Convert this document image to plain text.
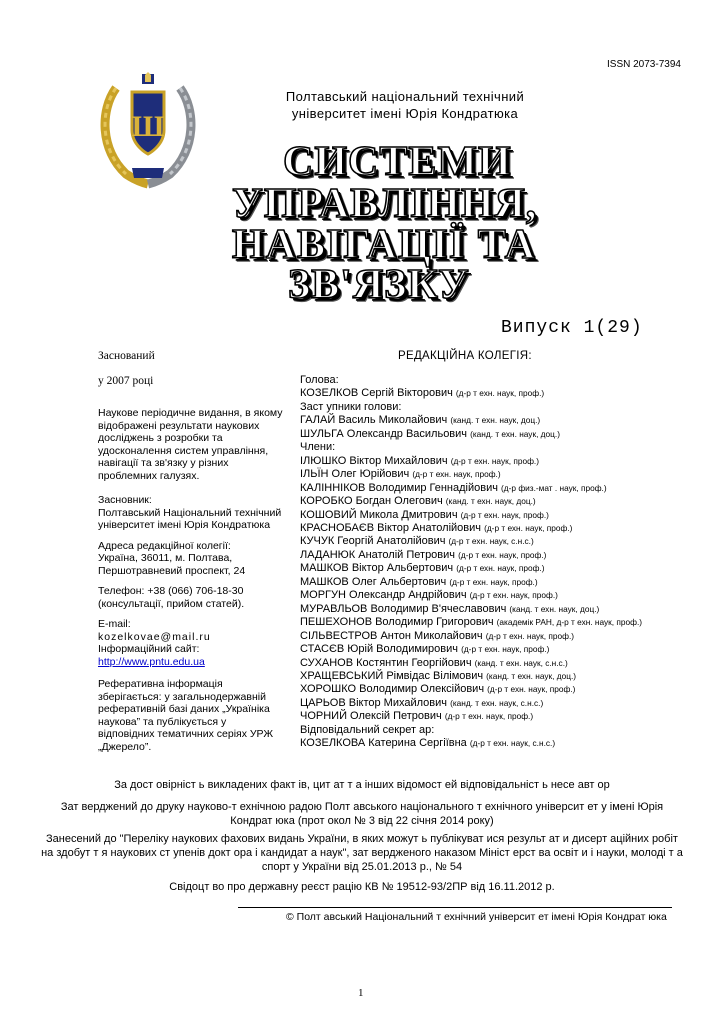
ISSN 2073-7394
Ш
Полтавський національний технічний
університет імені Юрія Кондратюка
СИСТЕМИ
УПРАВЛІННЯ,
НАВІГАЦІЇ ТА
ЗВ'ЯЗКУ
Випуск 1(29)

Заснований

у 2007 році

Наукове періодичне видання, в якому відображені результати наукових досліджень з розробки та удосконалення систем управління, навігації та зв'язку у різних проблемних галузях.

Засновник:

Полтавський Національний технічний університет імені Юрія Кондратюка

Адреса редакційної колегії:

Україна, 36011, м. Полтава, Першотравневий проспект, 24

Телефон: +38 (066) 706-18-30 (консультації, прийом статей).

E-mail:

kozelkovae@mail.ru

Інформаційний сайт:

http://www.pntu.edu.ua

Реферативна інформація зберігається: у загальнодержавній реферативній базі даних „Україніка наукова” та публікується у відповідних тематичних серіях УРЖ „Джерело”.

РЕДАКЦІЙНА КОЛЕГІЯ:
Голова:
КОЗЕЛКОВ Сергій Вікторович (д-р т ехн. наук, проф.)
Заст упники голови:
ГАЛАЙ Василь Миколайович (канд. т ехн. наук, доц.)
ШУЛЬГА Олександр Васильович (канд. т ехн. наук, доц.)
Члени:
ІЛЮШКО Віктор Михайлович (д-р т ехн. наук, проф.)
ІЛЬЇН Олег Юрійович (д-р т ехн. наук, проф.)
КАЛІННІКОВ Володимир Геннадійович (д-р физ.-мат . наук, проф.)
КОРОБКО Богдан Олегович (канд. т ехн. наук, доц.)
КОШОВИЙ Микола Дмитрович (д-р т ехн. наук, проф.)
КРАСНОБАЄВ Віктор Анатолійович (д-р т ехн. наук, проф.)
КУЧУК Георгій Анатолійович (д-р т ехн. наук, с.н.с.)
ЛАДАНЮК Анатолій Петрович (д-р т ехн. наук, проф.)
МАШКОВ Віктор Альбертович (д-р т ехн. наук, проф.)
МАШКОВ Олег Альбертович (д-р т ехн. наук, проф.)
МОРГУН Олександр Андрійович (д-р т ехн. наук, проф.)
МУРАВЛЬОВ Володимир В'ячеславович (канд. т ехн. наук, доц.)
ПЕШЕХОНОВ Володимир Григорович (академік РАН, д-р т ехн. наук, проф.)
СІЛЬВЕСТРОВ Антон Миколайович (д-р т ехн. наук, проф.)
СТАСЄВ Юрій Володимирович (д-р т ехн. наук, проф.)
СУХАНОВ Костянтин Георгійович (канд. т ехн. наук, с.н.с.)
ХРАЩЕВСЬКИЙ Рімвідас Вілімович (канд. т ехн. наук, доц.)
ХОРОШКО Володимир Олексійович (д-р т ехн. наук, проф.)
ЦАРЬОВ Віктор Михайлович (канд. т ехн. наук, с.н.с.)
ЧОРНИЙ Олексій Петрович (д-р т ехн. наук, проф.)
Відповідальний секрет ар:
КОЗЕЛКОВА Катерина Сергіївна (д-р т ехн. наук, с.н.с.)
За дост овірніст ь викладених факт ів, цит ат т а інших відомост ей відповідальніст ь несе авт ор
Зат верджений до друку науково-т ехнічною радою Полт авського національного т ехнічного університ ет у імені Юрія Кондрат юка (прот окол № 3 від 22 січня 2014 року)
Занесений до "Переліку наукових фахових видань України, в яких можут ь публікуват ися результ ат и дисерт аційних робіт на здобут т я наукових ст упенів докт ора і кандидат а наук", зат вердженого наказом Мініст ерст ва освіт и і науки, молоді т а спорт у України від 25.01.2013 р., № 54
Свідоцт во про державну реєст рацію КВ № 19512-93/2ПР від 16.11.2012 р.
© Полт авський Національний т ехнічний університ ет імені Юрія Кондрат юка
1
